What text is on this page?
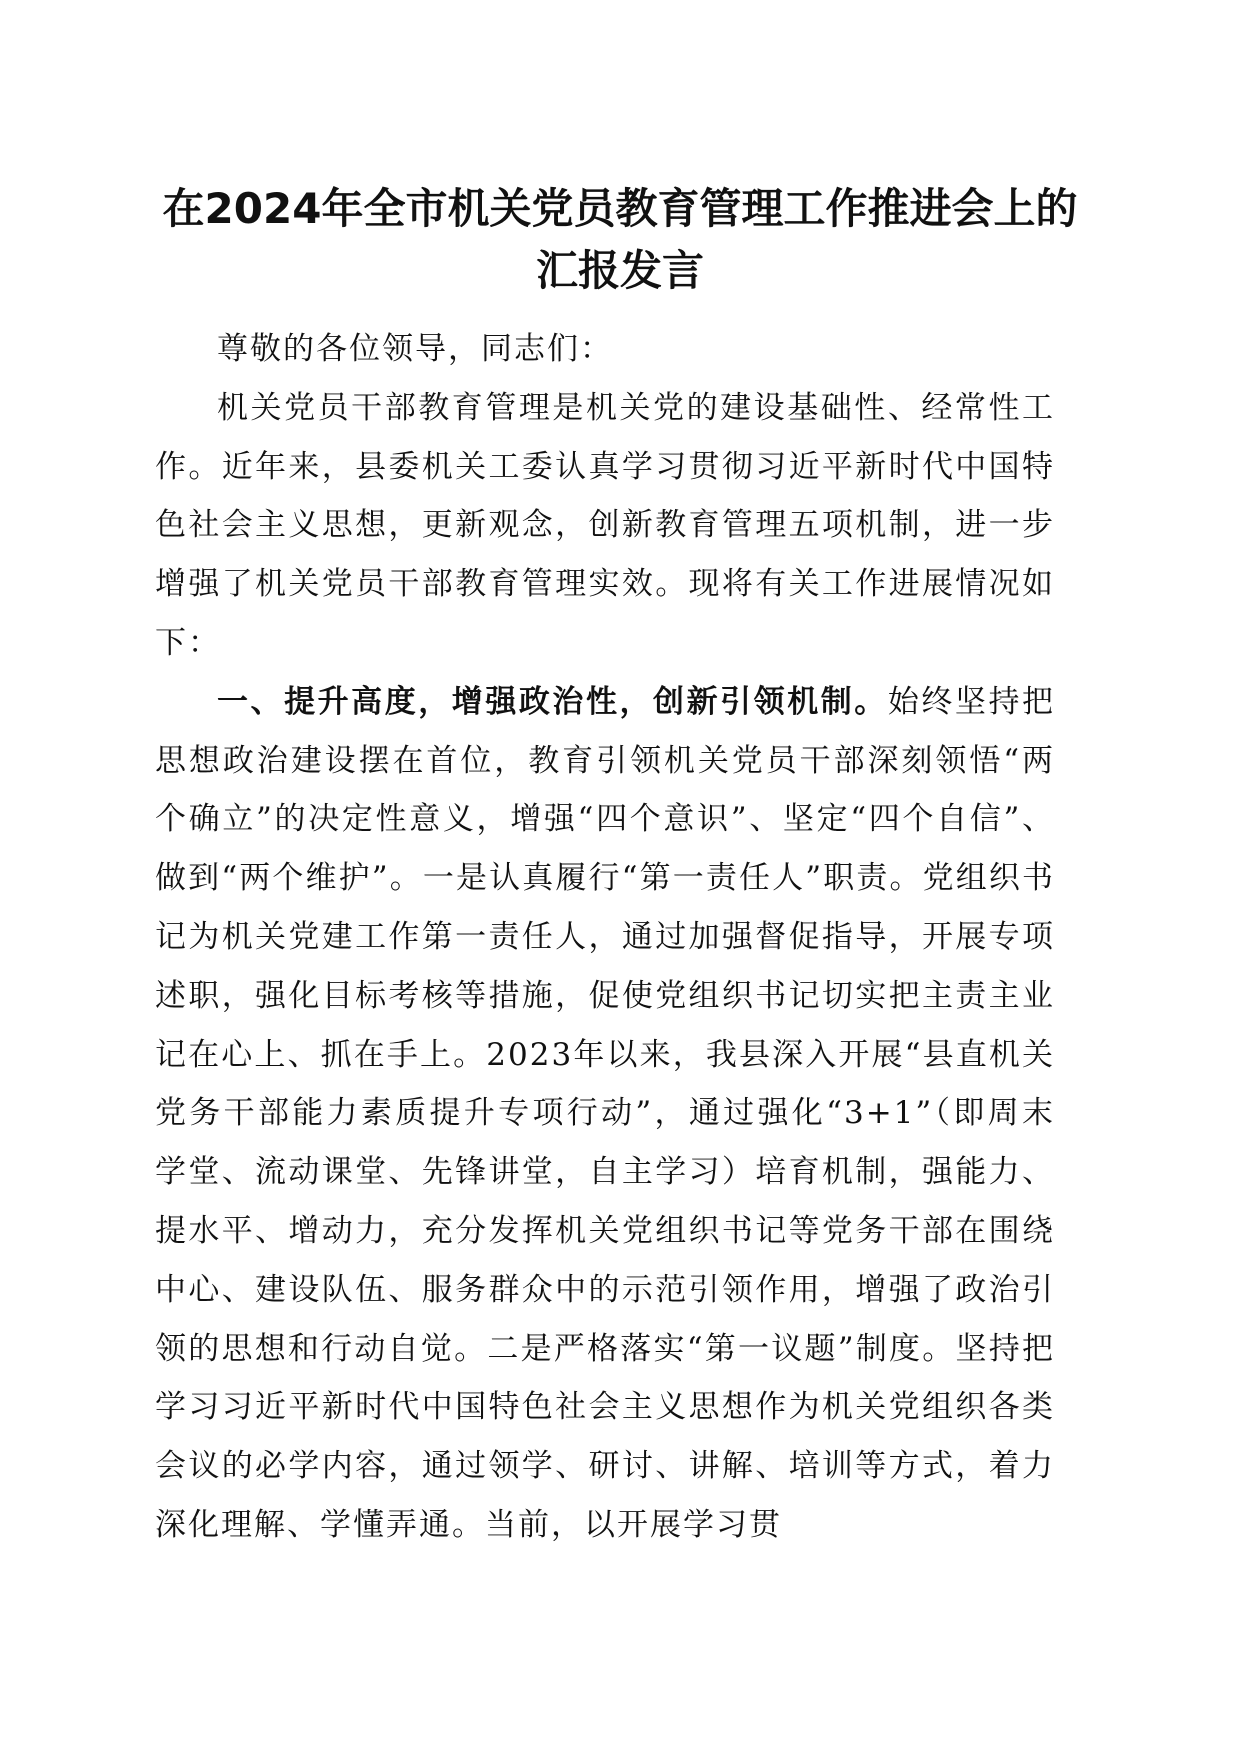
在2024年全市机关党员教育管理工作推进会上的汇报发言

尊敬的各位领导，同志们：

机关党员干部教育管理是机关党的建设基础性、经常性工作。近年来，县委机关工委认真学习贯彻习近平新时代中国特色社会主义思想，更新观念，创新教育管理五项机制，进一步增强了机关党员干部教育管理实效。现将有关工作进展情况如下：

一、提升高度，增强政治性，创新引领机制。始终坚持把思想政治建设摆在首位，教育引领机关党员干部深刻领悟“两个确立”的决定性意义，增强“四个意识”、坚定“四个自信”、做到“两个维护”。一是认真履行“第一责任人”职责。党组织书记为机关党建工作第一责任人，通过加强督促指导，开展专项述职，强化目标考核等措施，促使党组织书记切实把主责主业记在心上、抓在手上。2023年以来，我县深入开展“县直机关党务干部能力素质提升专项行动”，通过强化“3+1”（即周末学堂、流动课堂、先锋讲堂，自主学习）培育机制，强能力、提水平、增动力，充分发挥机关党组织书记等党务干部在围绕中心、建设队伍、服务群众中的示范引领作用，增强了政治引领的思想和行动自觉。二是严格落实“第一议题”制度。坚持把学习习近平新时代中国特色社会主义思想作为机关党组织各类会议的必学内容，通过领学、研讨、讲解、培训等方式，着力深化理解、学懂弄通。当前，以开展学习贯
